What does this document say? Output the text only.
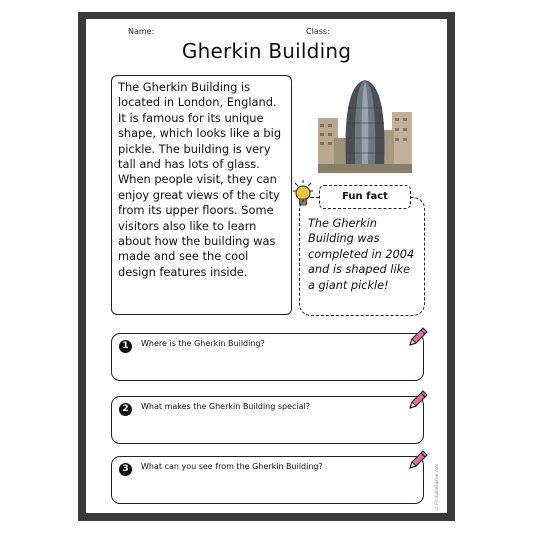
Name:	Class:
Gherkin Building
The Gherkin Building is located in London, England. It is famous for its unique shape, which looks like a big pickle. The building is very tall and has lots of glass. When people visit, they can enjoy great views of the city from its upper floors. Some visitors also like to learn about how the building was made and see the cool design features inside.
The Gherkin Building was completed in 2004 and is shaped like a giant pickle!
Fun fact
1	Where is the Gherkin Building?
2	What makes the Gherkin Building special?
3	What can you see from the Gherkin Building?	© PrintableBazaar.com
